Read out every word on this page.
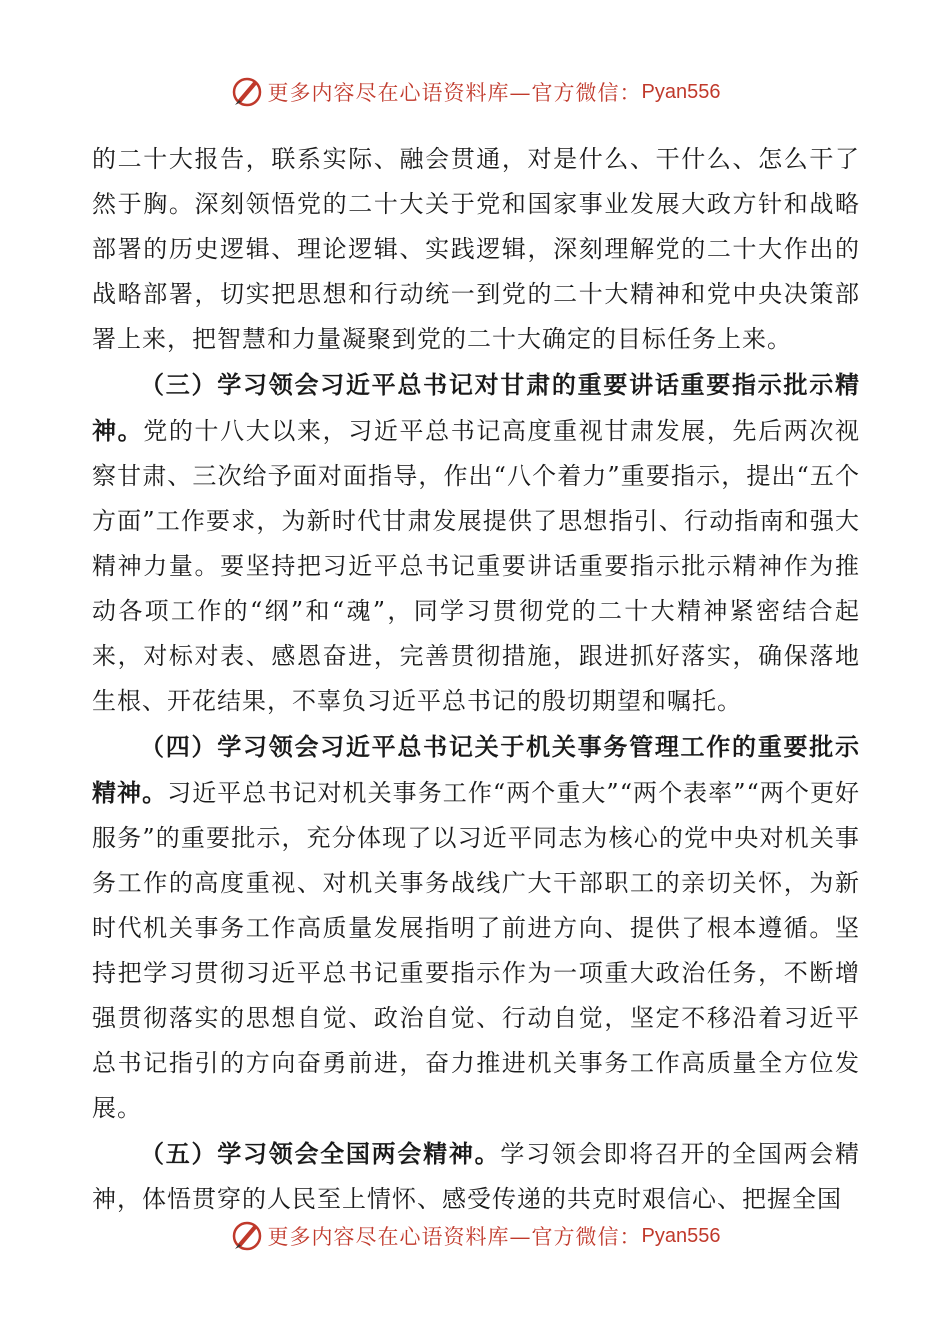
更多内容尽在心语资料库—官方微信： Pyan556

的二十大报告，联系实际、融会贯通，对是什么、干什么、怎么干了然于胸。深刻领悟党的二十大关于党和国家事业发展大政方针和战略部署的历史逻辑、理论逻辑、实践逻辑，深刻理解党的二十大作出的战略部署，切实把思想和行动统一到党的二十大精神和党中央决策部署上来，把智慧和力量凝聚到党的二十大确定的目标任务上来。

（三）学习领会习近平总书记对甘肃的重要讲话重要指示批示精神。党的十八大以来，习近平总书记高度重视甘肃发展，先后两次视察甘肃、三次给予面对面指导，作出“八个着力”重要指示，提出“五个方面”工作要求，为新时代甘肃发展提供了思想指引、行动指南和强大精神力量。要坚持把习近平总书记重要讲话重要指示批示精神作为推动各项工作的“纲”和“魂”，同学习贯彻党的二十大精神紧密结合起来，对标对表、感恩奋进，完善贯彻措施，跟进抓好落实，确保落地生根、开花结果，不辜负习近平总书记的殷切期望和嘱托。

（四）学习领会习近平总书记关于机关事务管理工作的重要批示精神。习近平总书记对机关事务工作“两个重大”“两个表率”“两个更好服务”的重要批示，充分体现了以习近平同志为核心的党中央对机关事务工作的高度重视、对机关事务战线广大干部职工的亲切关怀，为新时代机关事务工作高质量发展指明了前进方向、提供了根本遵循。坚持把学习贯彻习近平总书记重要指示作为一项重大政治任务，不断增强贯彻落实的思想自觉、政治自觉、行动自觉，坚定不移沿着习近平总书记指引的方向奋勇前进，奋力推进机关事务工作高质量全方位发展。

（五）学习领会全国两会精神。学习领会即将召开的全国两会精神，体悟贯穿的人民至上情怀、感受传递的共克时艰信心、把握全国

更多内容尽在心语资料库—官方微信： Pyan556
